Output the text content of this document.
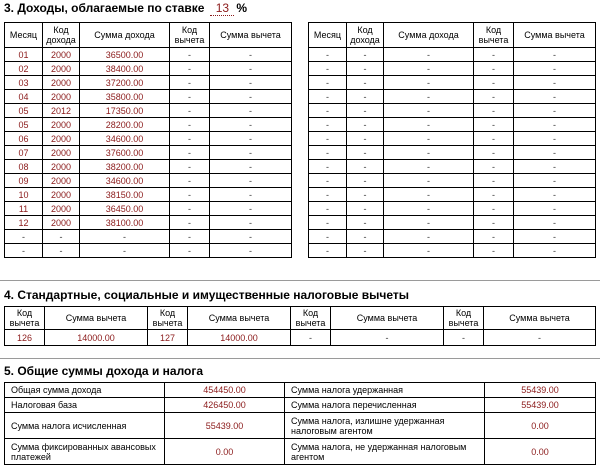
3. Доходы, облагаемые по ставке 13 %
Месяц	Код дохода	Сумма дохода	Код вычета	Сумма вычета
01	2000	36500.00	-	-
02	2000	38400.00	-	-
03	2000	37200.00	-	-
04	2000	35800.00	-	-
05	2012	17350.00	-	-
05	2000	28200.00	-	-
06	2000	34600.00	-	-
07	2000	37600.00	-	-
08	2000	38200.00	-	-
09	2000	34600.00	-	-
10	2000	38150.00	-	-
11	2000	36450.00	-	-
12	2000	38100.00	-	-
-	-	-	-	-
-	-	-	-	-
Месяц	Код дохода	Сумма дохода	Код вычета	Сумма вычета
-	-	-	-	-
-	-	-	-	-
-	-	-	-	-
-	-	-	-	-
-	-	-	-	-
-	-	-	-	-
-	-	-	-	-
-	-	-	-	-
-	-	-	-	-
-	-	-	-	-
-	-	-	-	-
-	-	-	-	-
-	-	-	-	-
-	-	-	-	-
-	-	-	-	-
4. Стандартные, социальные и имущественные налоговые вычеты
Код вычета	Сумма вычета	Код вычета	Сумма вычета	Код вычета	Сумма вычета	Код вычета	Сумма вычета
126	14000.00	127	14000.00	-	-	-	-
5. Общие суммы дохода и налога
Общая сумма дохода	454450.00	Сумма налога удержанная	55439.00
Налоговая база	426450.00	Сумма налога перечисленная	55439.00
Сумма налога исчисленная	55439.00	Сумма налога, излишне удержанная налоговым агентом	0.00
Сумма фиксированных авансовых платежей	0.00	Сумма налога, не удержанная налоговым агентом	0.00
